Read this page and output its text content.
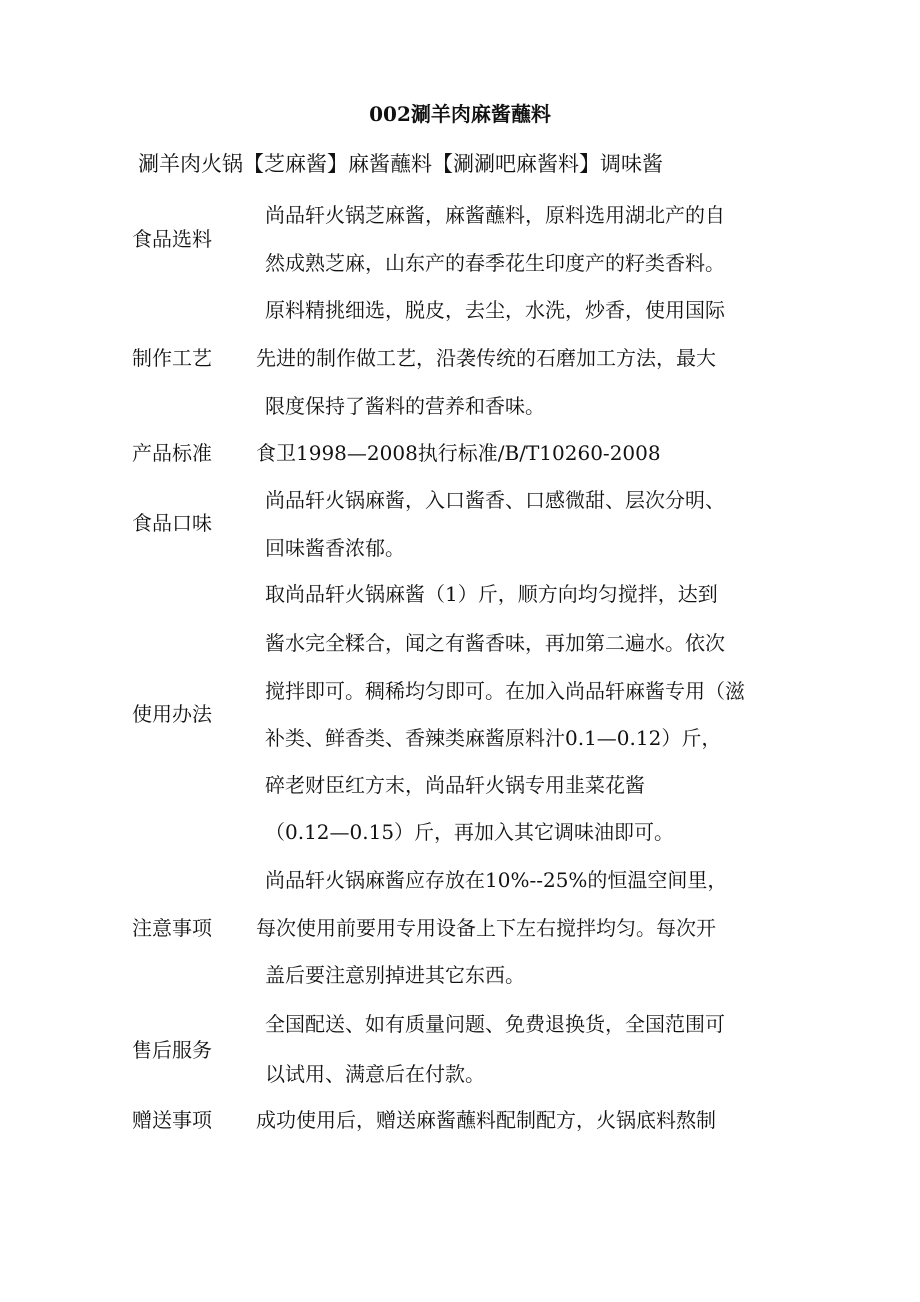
002涮羊肉麻酱蘸料
涮羊肉火锅【芝麻酱】麻酱蘸料【涮涮吧麻酱料】调味酱
食品选料
尚品轩火锅芝麻酱，麻酱蘸料，原料选用湖北产的自
然成熟芝麻，山东产的春季花生印度产的籽类香料。
制作工艺
原料精挑细选，脱皮，去尘，水洗，炒香，使用国际
先进的制作做工艺，沿袭传统的石磨加工方法，最大
限度保持了酱料的营养和香味。
产品标准 食卫1998—2008执行标准/B/T10260-2008
食品口味
尚品轩火锅麻酱，入口酱香、口感微甜、层次分明、
回味酱香浓郁。
使用办法
取尚品轩火锅麻酱（1）斤，顺方向均匀搅拌，达到
酱水完全糅合，闻之有酱香味，再加第二遍水。依次
搅拌即可。稠稀均匀即可。在加入尚品轩麻酱专用（滋
补类、鲜香类、香辣类麻酱原料汁0.1—0.12）斤，
碎老财臣红方末，尚品轩火锅专用韭菜花酱
（0.12—0.15）斤，再加入其它调味油即可。
注意事项
尚品轩火锅麻酱应存放在10%--25%的恒温空间里，
每次使用前要用专用设备上下左右搅拌均匀。每次开
盖后要注意别掉进其它东西。
售后服务
全国配送、如有质量问题、免费退换货，全国范围可
以试用、满意后在付款。
赠送事项 成功使用后，赠送麻酱蘸料配制配方，火锅底料熬制
